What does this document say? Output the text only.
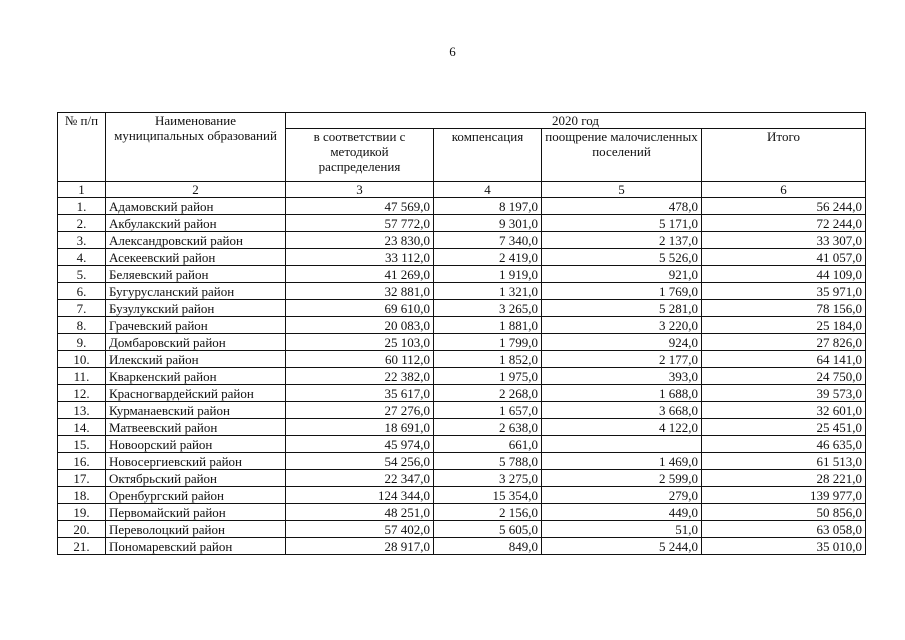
6
№ п/п	Наименование муниципальных образований	2020 год			
		в соответствии с методикой распределения	компенсация	поощрение малочисленных поселений	Итого
1	2	3	4	5	6
1.	Адамовский район	47 569,0	8 197,0	478,0	56 244,0
2.	Акбулакский район	57 772,0	9 301,0	5 171,0	72 244,0
3.	Александровский район	23 830,0	7 340,0	2 137,0	33 307,0
4.	Асекеевский район	33 112,0	2 419,0	5 526,0	41 057,0
5.	Беляевский район	41 269,0	1 919,0	921,0	44 109,0
6.	Бугурусланский район	32 881,0	1 321,0	1 769,0	35 971,0
7.	Бузулукский район	69 610,0	3 265,0	5 281,0	78 156,0
8.	Грачевский район	20 083,0	1 881,0	3 220,0	25 184,0
9.	Домбаровский район	25 103,0	1 799,0	924,0	27 826,0
10.	Илекский район	60 112,0	1 852,0	2 177,0	64 141,0
11.	Кваркенский район	22 382,0	1 975,0	393,0	24 750,0
12.	Красногвардейский район	35 617,0	2 268,0	1 688,0	39 573,0
13.	Курманаевский район	27 276,0	1 657,0	3 668,0	32 601,0
14.	Матвеевский район	18 691,0	2 638,0	4 122,0	25 451,0
15.	Новоорский район	45 974,0	661,0		46 635,0
16.	Новосергиевский район	54 256,0	5 788,0	1 469,0	61 513,0
17.	Октябрьский район	22 347,0	3 275,0	2 599,0	28 221,0
18.	Оренбургский район	124 344,0	15 354,0	279,0	139 977,0
19.	Первомайский район	48 251,0	2 156,0	449,0	50 856,0
20.	Переволоцкий район	57 402,0	5 605,0	51,0	63 058,0
21.	Пономаревский район	28 917,0	849,0	5 244,0	35 010,0
